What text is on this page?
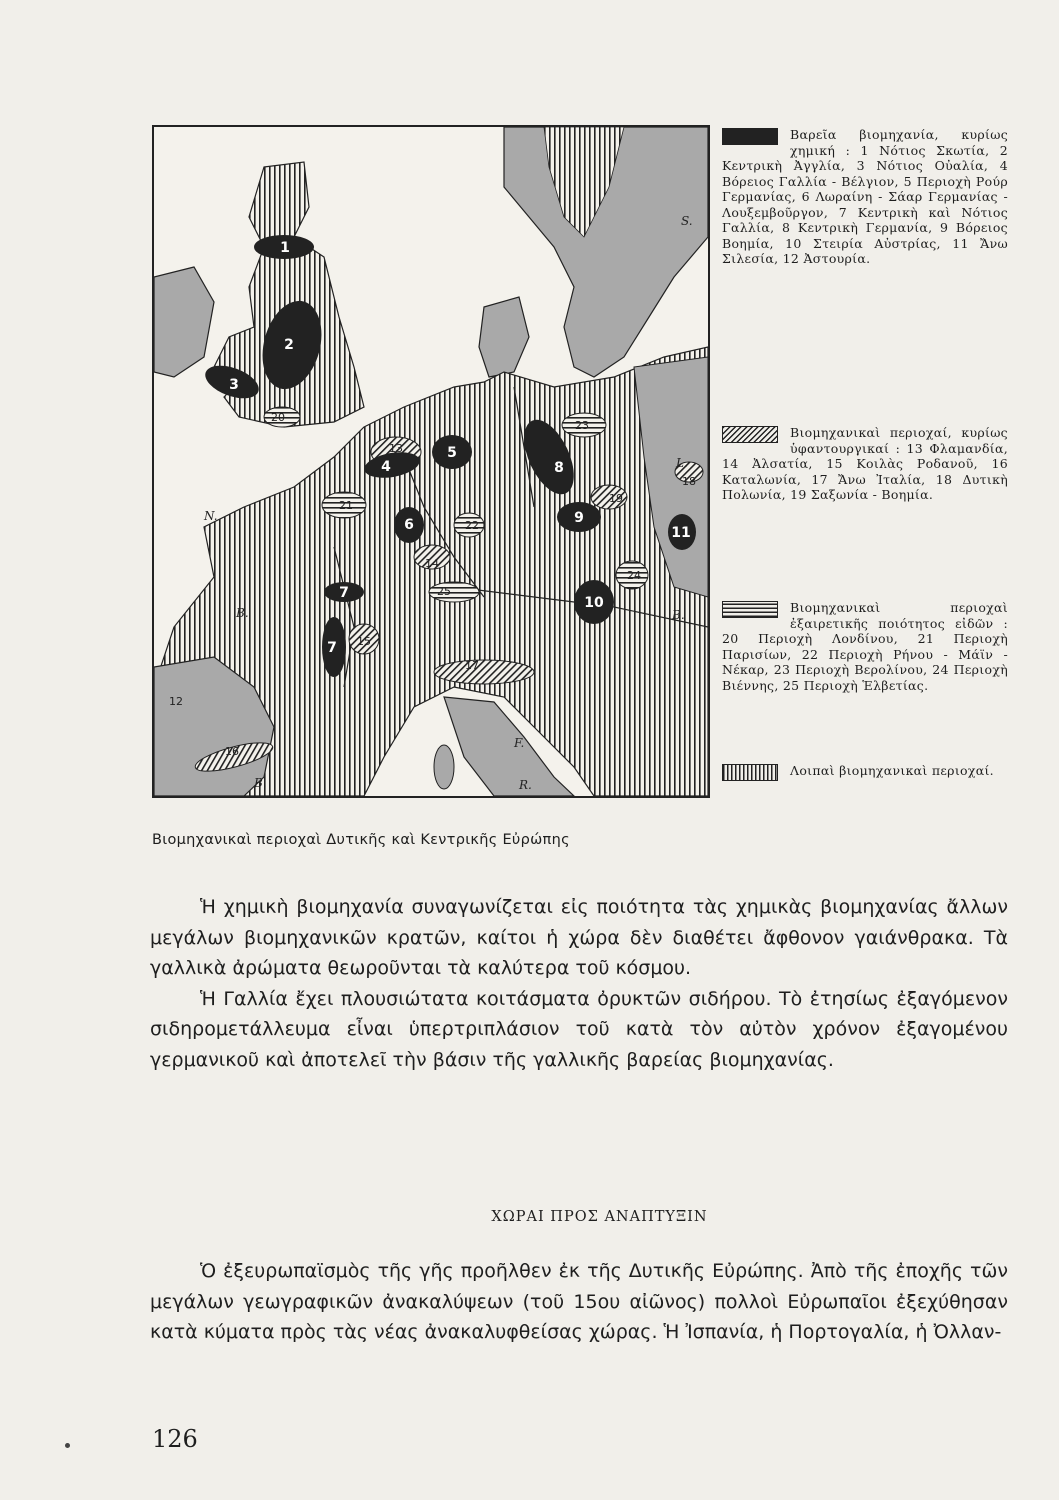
1
2
3
4
5
6
7
7
8
9
10
11
12
13
14
15
16
17
18
19
20
21
22
23
24
25
S.
L.
N.
B.	B.
B.
F.
R.
Βαρεῖα βιομηχανία, κυρίως χημική : 1 Νότιος Σκωτία, 2 Κεντρικὴ Ἀγγλία, 3 Νότιος Οὐαλία, 4 Βόρειος Γαλλία - Βέλγιον, 5 Περιοχὴ Ρούρ Γερμανίας, 6 Λωραίνη - Σάαρ Γερμανίας - Λουξεμβοῦργον, 7 Κεντρικὴ καὶ Νότιος Γαλλία, 8 Κεντρικὴ Γερμανία, 9 Βόρειος Βοημία, 10 Στειρία Αὐστρίας, 11 Ἄνω Σιλεσία, 12 Ἀστουρία.
Βιομηχανικαὶ περιοχαί, κυρίως ὑφαντουργικαί : 13 Φλαμανδία, 14 Ἀλσατία, 15 Κοιλὰς Ροδανοῦ, 16 Καταλωνία, 17 Ἄνω Ἰταλία, 18 Δυτικὴ Πολωνία, 19 Σαξωνία - Βοημία.
Βιομηχανικαὶ περιοχαὶ ἐξαιρετικῆς ποιότητος εἰδῶν : 20 Περιοχὴ Λονδίνου, 21 Περιοχὴ Παρισίων, 22 Περιοχὴ Ρήνου - Μάϊν - Νέκαρ, 23 Περιοχὴ Βερολίνου, 24 Περιοχὴ Βιέννης, 25 Περιοχὴ Ἑλβετίας.
Λοιπαὶ βιομηχανικαὶ περιοχαί.
Βιομηχανικαὶ περιοχαὶ Δυτικῆς καὶ Κεντρικῆς Εὐρώπης

Ἡ χημικὴ βιομηχανία συναγωνίζεται εἰς ποιότητα τὰς χημικὰς βιομηχανίας ἄλλων μεγάλων βιομηχανικῶν κρατῶν, καίτοι ἡ χώρα δὲν διαθέτει ἄφθονον γαιάνθρακα. Τὰ γαλλικὰ ἀρώματα θεωροῦνται τὰ καλύτερα τοῦ κόσμου.

Ἡ Γαλλία ἔχει πλουσιώτατα κοιτάσματα ὀρυκτῶν σιδήρου. Τὸ ἐτησίως ἐξαγόμενον σιδηρομετάλλευμα εἶναι ὑπερτριπλάσιον τοῦ κατὰ τὸν αὐτὸν χρόνον ἐξαγομένου γερμανικοῦ καὶ ἀποτελεῖ τὴν βάσιν τῆς γαλλικῆς βαρείας βιομηχανίας.

ΧΩΡΑΙ ΠΡΟΣ ΑΝΑΠΤΥΞΙΝ

Ὁ ἐξευρωπαϊσμὸς τῆς γῆς προῆλθεν ἐκ τῆς Δυτικῆς Εὐρώπης. Ἀπὸ τῆς ἐποχῆς τῶν μεγάλων γεωγραφικῶν ἀνακαλύψεων (τοῦ 15ου αἰῶνος) πολλοὶ Εὐρωπαῖοι ἐξεχύθησαν κατὰ κύματα πρὸς τὰς νέας ἀνακαλυφθείσας χώρας. Ἡ Ἰσπανία, ἡ Πορτογαλία, ἡ Ὀλλαν-

126
